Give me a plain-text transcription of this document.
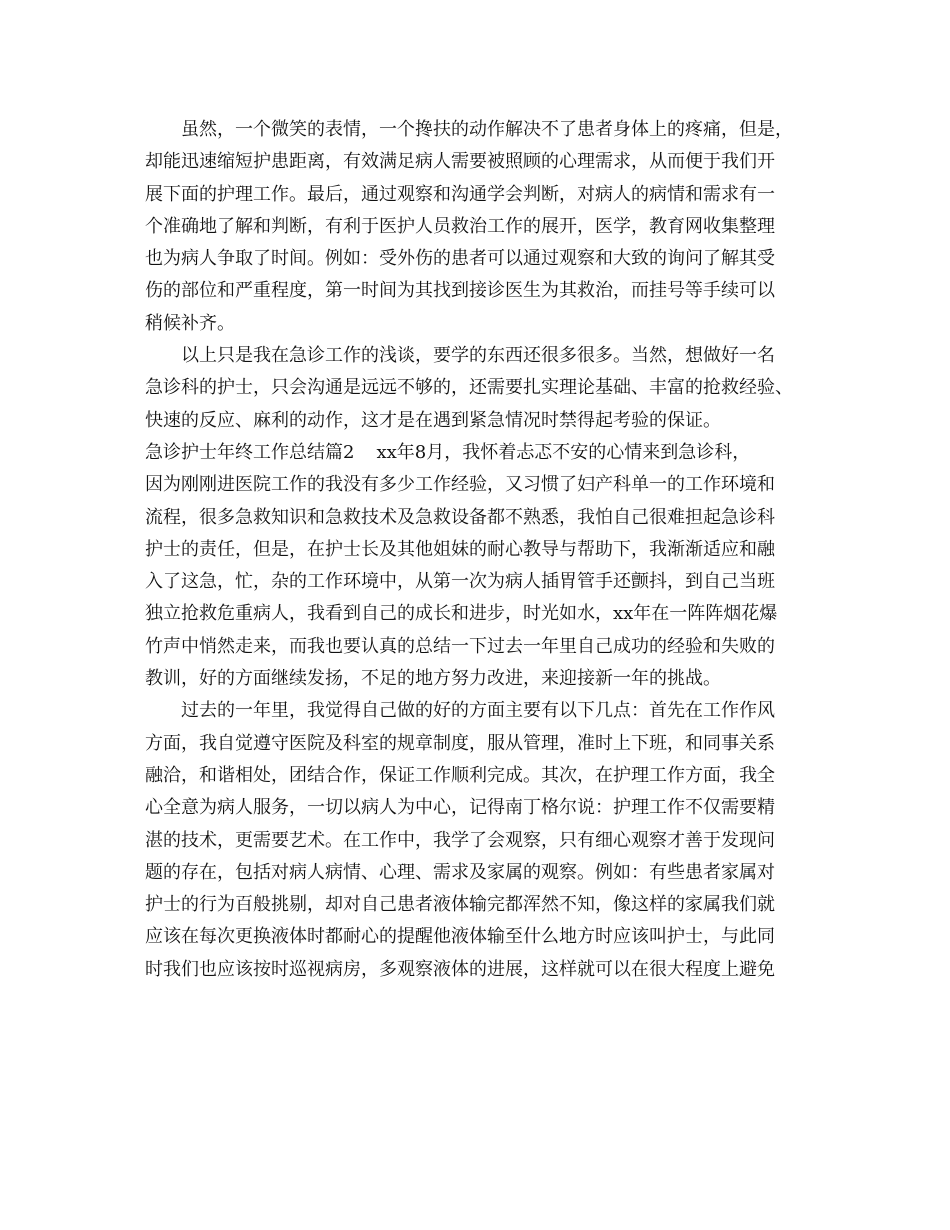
虽然，一个微笑的表情，一个搀扶的动作解决不了患者身体上的疼痛，但是，
却能迅速缩短护患距离，有效满足病人需要被照顾的心理需求，从而便于我们开
展下面的护理工作。最后，通过观察和沟通学会判断，对病人的病情和需求有一
个准确地了解和判断，有利于医护人员救治工作的展开，医学，教育网收集整理
也为病人争取了时间。例如：受外伤的患者可以通过观察和大致的询问了解其受
伤的部位和严重程度，第一时间为其找到接诊医生为其救治，而挂号等手续可以
稍候补齐。
以上只是我在急诊工作的浅谈，要学的东西还很多很多。当然，想做好一名
急诊科的护士，只会沟通是远远不够的，还需要扎实理论基础、丰富的抢救经验、
快速的反应、麻利的动作，这才是在遇到紧急情况时禁得起考验的保证。
急诊护士年终工作总结篇2 xx年8月，我怀着忐忑不安的心情来到急诊科，
因为刚刚进医院工作的我没有多少工作经验，又习惯了妇产科单一的工作环境和
流程，很多急救知识和急救技术及急救设备都不熟悉，我怕自己很难担起急诊科
护士的责任，但是，在护士长及其他姐妹的耐心教导与帮助下，我渐渐适应和融
入了这急，忙，杂的工作环境中，从第一次为病人插胃管手还颤抖，到自己当班
独立抢救危重病人，我看到自己的成长和进步，时光如水，xx年在一阵阵烟花爆
竹声中悄然走来，而我也要认真的总结一下过去一年里自己成功的经验和失败的
教训，好的方面继续发扬，不足的地方努力改进，来迎接新一年的挑战。
过去的一年里，我觉得自己做的好的方面主要有以下几点：首先在工作作风
方面，我自觉遵守医院及科室的规章制度，服从管理，准时上下班，和同事关系
融洽，和谐相处，团结合作，保证工作顺利完成。其次，在护理工作方面，我全
心全意为病人服务，一切以病人为中心，记得南丁格尔说：护理工作不仅需要精
湛的技术，更需要艺术。在工作中，我学了会观察，只有细心观察才善于发现问
题的存在，包括对病人病情、心理、需求及家属的观察。例如：有些患者家属对
护士的行为百般挑剔，却对自己患者液体输完都浑然不知，像这样的家属我们就
应该在每次更换液体时都耐心的提醒他液体输至什么地方时应该叫护士，与此同
时我们也应该按时巡视病房，多观察液体的进展，这样就可以在很大程度上避免
